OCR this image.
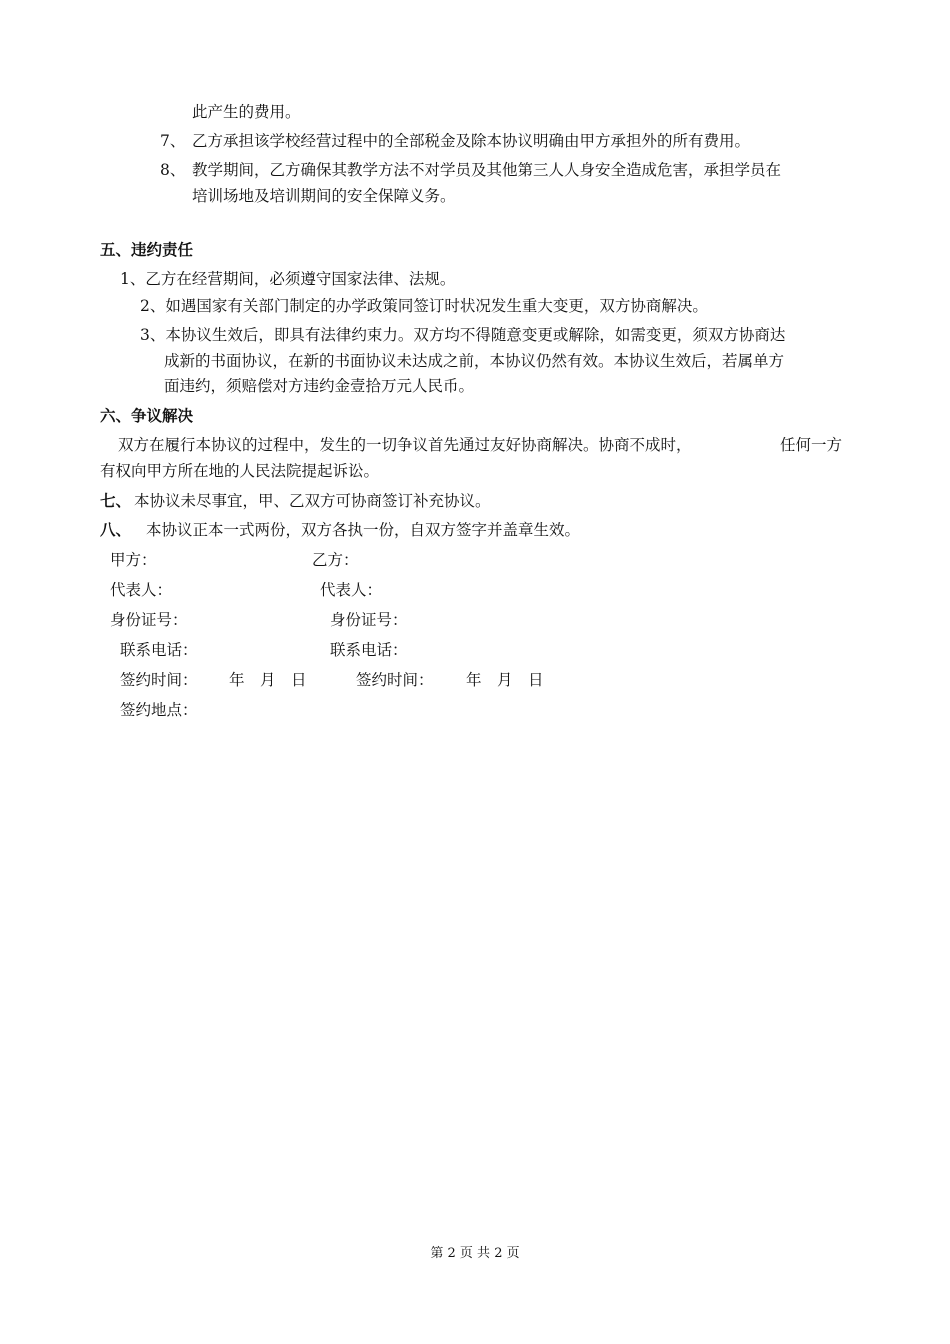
此产生的费用。
7、 乙方承担该学校经营过程中的全部税金及除本协议明确由甲方承担外的所有费用。
8、 教学期间，乙方确保其教学方法不对学员及其他第三人人身安全造成危害，承担学员在
培训场地及培训期间的安全保障义务。
五、违约责任
1、乙方在经营期间，必须遵守国家法律、法规。
2、如遇国家有关部门制定的办学政策同签订时状况发生重大变更，双方协商解决。
3、本协议生效后，即具有法律约束力。双方均不得随意变更或解除，如需变更，须双方协商达
成新的书面协议，在新的书面协议未达成之前，本协议仍然有效。本协议生效后，若属单方
面违约，须赔偿对方违约金壹拾万元人民币。
六、争议解决
双方在履行本协议的过程中，发生的一切争议首先通过友好协商解决。协商不成时，	任何一方
有权向甲方所在地的人民法院提起诉讼。
七、 本协议未尽事宜，甲、乙双方可协商签订补充协议。
八、 本协议正本一式两份，双方各执一份，自双方签字并盖章生效。
甲方：	乙方：
代表人：	代表人：
身份证号：	身份证号：
联系电话：	联系电话：
签约时间： 年　月　日	签约时间： 年　月　日
签约地点：
第 2 页 共 2 页
